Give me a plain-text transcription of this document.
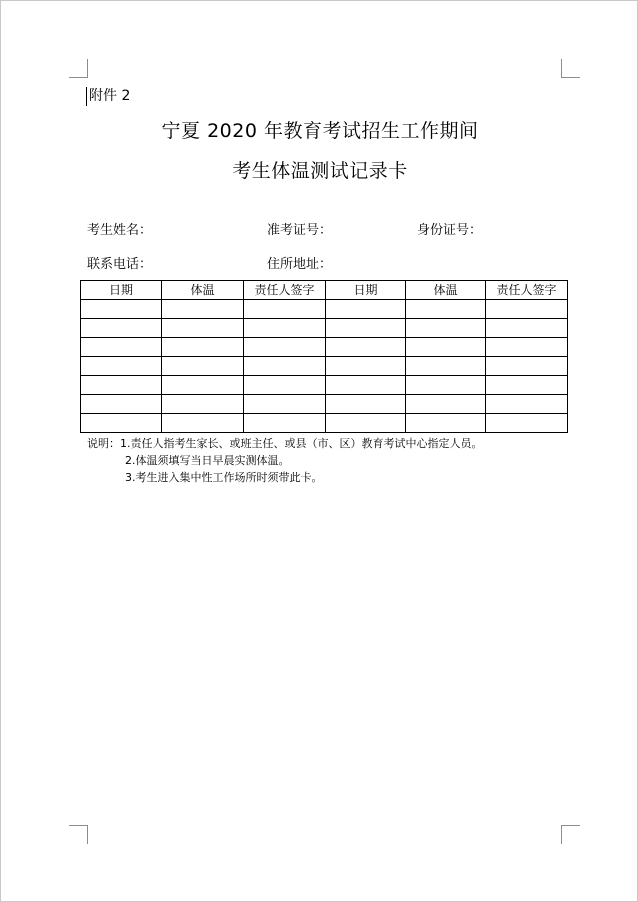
附件 2
宁夏 2020 年教育考试招生工作期间
考生体温测试记录卡
考生姓名：	准考证号：	身份证号：
联系电话：	住所地址：
日期	体温	责任人签字	日期	体温	责任人签字

说明：1.责任人指考生家长、或班主任、或县（市、区）教育考试中心指定人员。
2.体温须填写当日早晨实测体温。
3.考生进入集中性工作场所时须带此卡。
